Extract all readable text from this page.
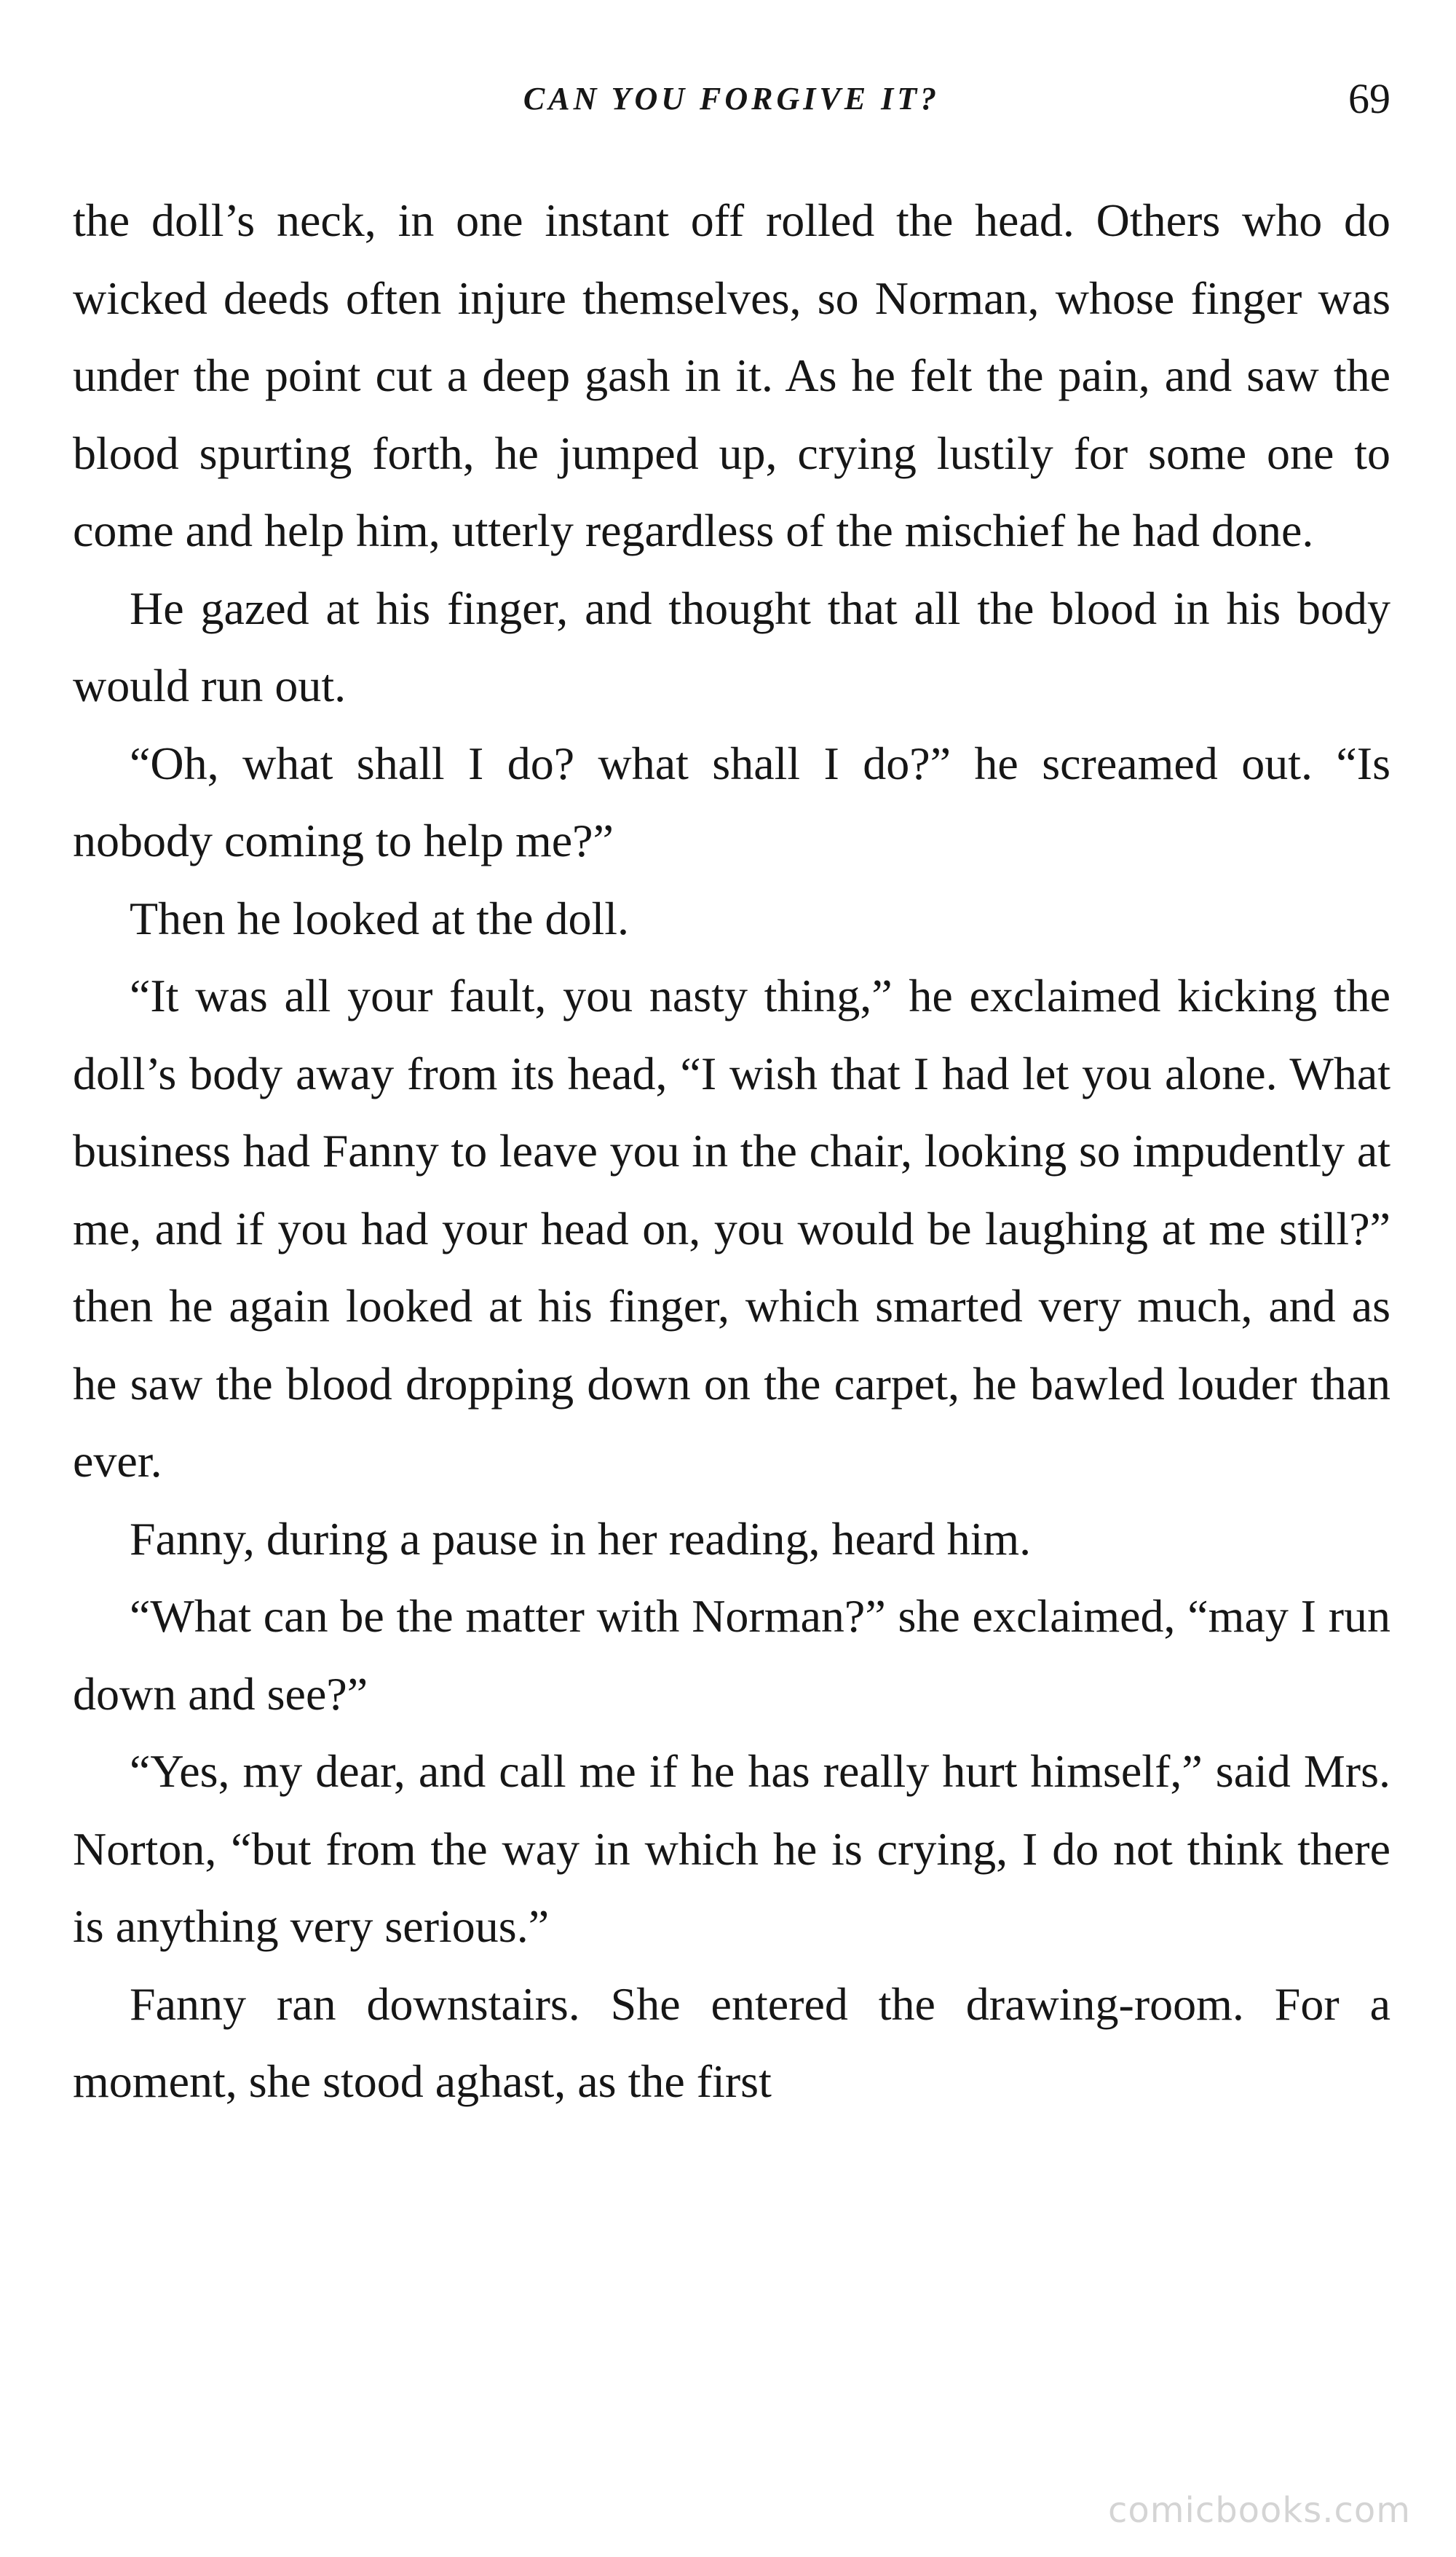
CAN YOU FORGIVE IT?	69

the doll’s neck, in one instant off rolled the head. Others who do wicked deeds often injure themselves, so Norman, whose finger was under the point cut a deep gash in it. As he felt the pain, and saw the blood spurting forth, he jumped up, crying lustily for some one to come and help him, utterly regardless of the mischief he had done.

He gazed at his finger, and thought that all the blood in his body would run out.

“Oh, what shall I do? what shall I do?” he screamed out. “Is nobody coming to help me?”

Then he looked at the doll.

“It was all your fault, you nasty thing,” he exclaimed kicking the doll’s body away from its head, “I wish that I had let you alone. What business had Fanny to leave you in the chair, looking so impudently at me, and if you had your head on, you would be laughing at me still?” then he again looked at his finger, which smarted very much, and as he saw the blood dropping down on the carpet, he bawled louder than ever.

Fanny, during a pause in her reading, heard him.

“What can be the matter with Norman?” she exclaimed, “may I run down and see?”

“Yes, my dear, and call me if he has really hurt himself,” said Mrs. Norton, “but from the way in which he is crying, I do not think there is anything very serious.”

Fanny ran downstairs. She entered the drawing-room. For a moment, she stood aghast, as the first

comicbooks.com
